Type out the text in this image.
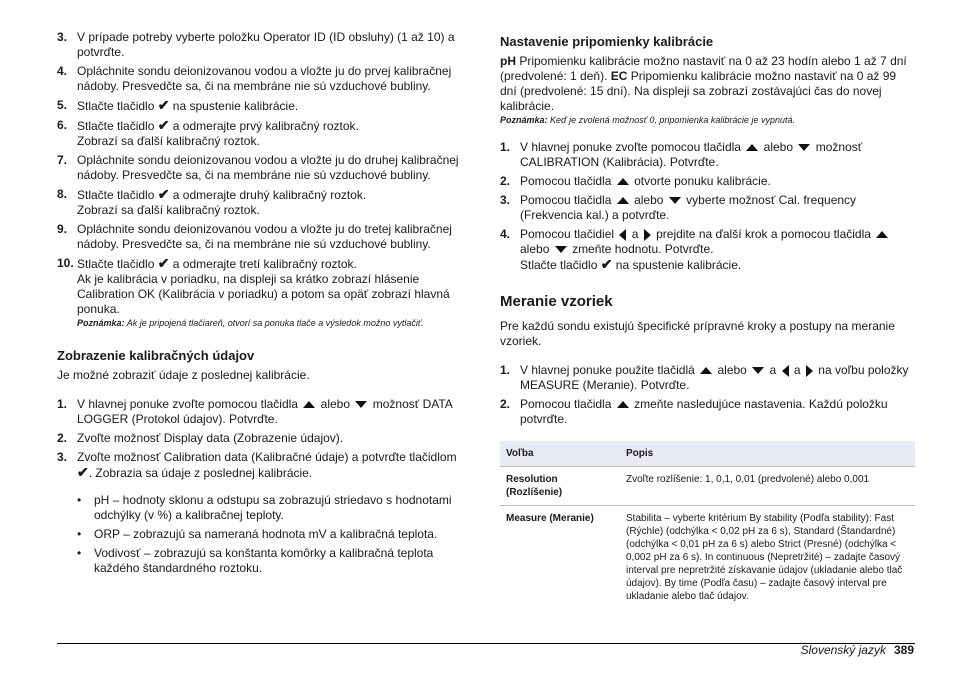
3. V prípade potreby vyberte položku Operator ID (ID obsluhy) (1 až 10) a potvrďte.
4. Opláchnite sondu deionizovanou vodou a vložte ju do prvej kalibračnej nádoby. Presvedčte sa, či na membráne nie sú vzduchové bubliny.
5. Stlačte tlačidlo ✔ na spustenie kalibrácie.
6. Stlačte tlačidlo ✔ a odmerajte prvý kalibračný roztok.
Zobrazí sa ďalší kalibračný roztok.
7. Opláchnite sondu deionizovanou vodou a vložte ju do druhej kalibračnej nádoby. Presvedčte sa, či na membráne nie sú vzduchové bubliny.
8. Stlačte tlačidlo ✔ a odmerajte druhý kalibračný roztok.
Zobrazí sa ďalší kalibračný roztok.
9. Opláchnite sondu deionizovanou vodou a vložte ju do tretej kalibračnej nádoby. Presvedčte sa, či na membráne nie sú vzduchové bubliny.
10. Stlačte tlačidlo ✔ a odmerajte tretí kalibračný roztok.
Ak je kalibrácia v poriadku, na displeji sa krátko zobrazí hlásenie Calibration OK (Kalibrácia v poriadku) a potom sa opäť zobrazí hlavná ponuka.
Poznámka: Ak je pripojená tlačiareň, otvorí sa ponuka tlače a výsledok možno vytlačiť.

Zobrazenie kalibračných údajov

Je možné zobraziť údaje z poslednej kalibrácie.

1. V hlavnej ponuke zvoľte pomocou tlačidla alebo možnosť DATA LOGGER (Protokol údajov). Potvrďte.
2. Zvoľte možnosť Display data (Zobrazenie údajov).
3. Zvoľte možnosť Calibration data (Kalibračné údaje) a potvrďte tlačidlom ✔. Zobrazia sa údaje z poslednej kalibrácie.
•	pH – hodnoty sklonu a odstupu sa zobrazujú striedavo s hodnotami odchýlky (v %) a kalibračnej teploty.
•	ORP – zobrazujú sa nameraná hodnota mV a kalibračná teplota.
•	Vodivosť – zobrazujú sa konštanta komôrky a kalibračná teplota každého štandardného roztoku.

Nastavenie pripomienky kalibrácie

pH Pripomienku kalibrácie možno nastaviť na 0 až 23 hodín alebo 1 až 7 dní (predvolené: 1 deň). EC Pripomienku kalibrácie možno nastaviť na 0 až 99 dní (predvolené: 15 dní). Na displeji sa zobrazí zostávajúci čas do novej kalibrácie.

Poznámka: Keď je zvolená možnosť 0, pripomienka kalibrácie je vypnutá.
1. V hlavnej ponuke zvoľte pomocou tlačidla alebo možnosť CALIBRATION (Kalibrácia). Potvrďte.
2. Pomocou tlačidla otvorte ponuku kalibrácie.
3. Pomocou tlačidla alebo vyberte možnosť Cal. frequency (Frekvencia kal.) a potvrďte.
4. Pomocou tlačidiel a prejdite na ďalší krok a pomocou tlačidla  alebo zmeňte hodnotu. Potvrďte.
Stlačte tlačidlo ✔ na spustenie kalibrácie.

Meranie vzoriek

Pre každú sondu existujú špecifické prípravné kroky a postupy na meranie vzoriek.

1. V hlavnej ponuke použite tlačidlá alebo a a na voľbu položky MEASURE (Meranie). Potvrďte.
2. Pomocou tlačidla zmeňte nasledujúce nastavenia. Každú položku potvrďte.
Voľba	Popis
Resolution (Rozlíšenie)	Zvoľte rozlíšenie: 1, 0,1, 0,01 (predvolené) alebo 0,001
Measure (Meranie)	Stabilita – vyberte kritérium By stability (Podľa stability): Fast (Rýchle) (odchýlka < 0,02 pH za 6 s), Standard (Štandardné) (odchýlka < 0,01 pH za 6 s) alebo Strict (Presné) (odchýlka < 0,002 pH za 6 s). In continuous (Nepretržité) – zadajte časový interval pre nepretržité získavanie údajov (ukladanie alebo tlač údajov). By time (Podľa času) – zadajte časový interval pre ukladanie alebo tlač údajov.
Slovenský jazyk 389
